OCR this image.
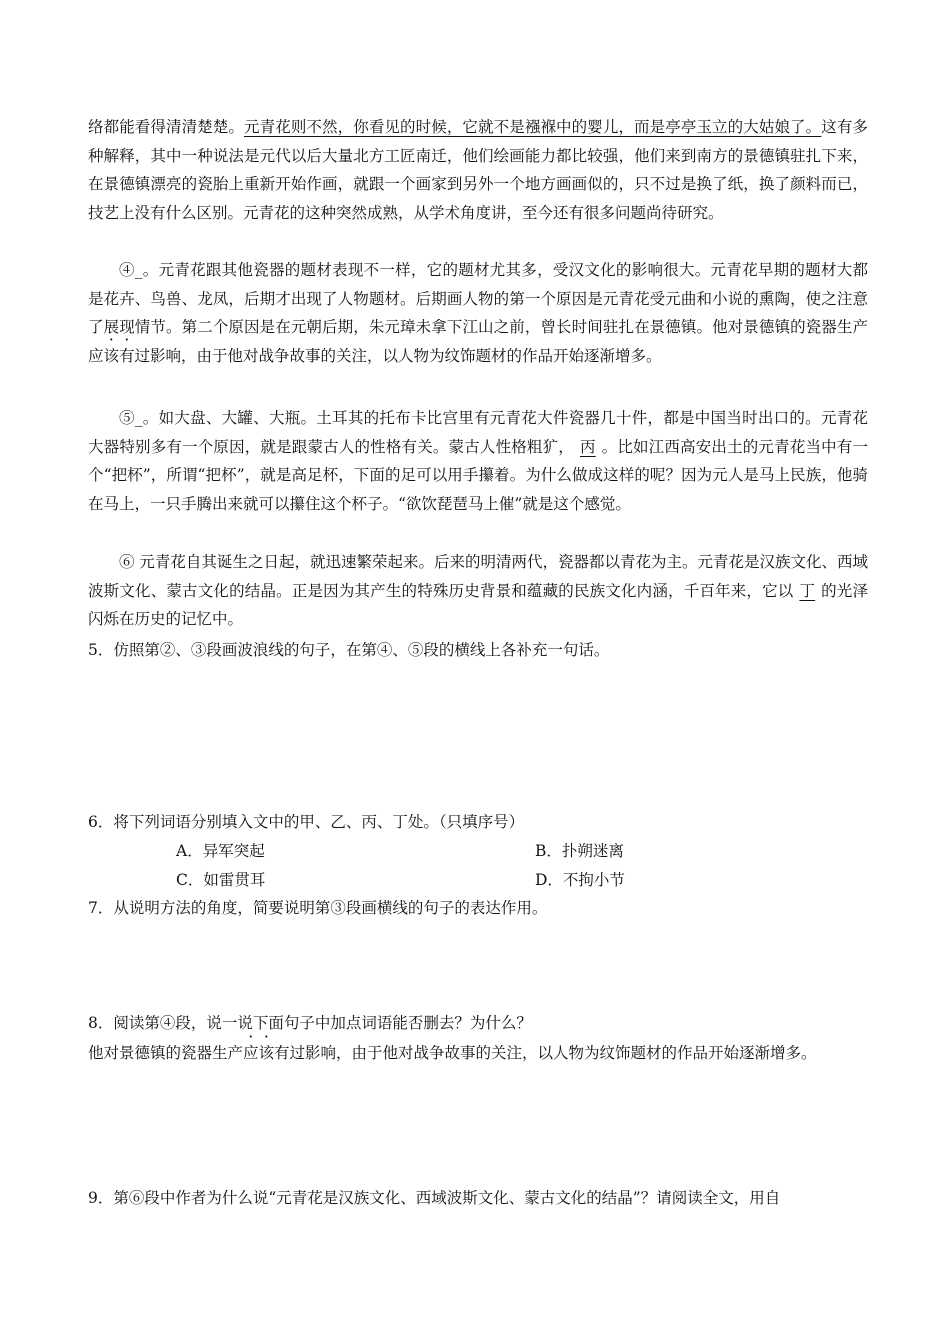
络都能看得清清楚楚。元青花则不然，你看见的时候，它就不是襁褓中的婴儿，而是亭亭玉立的大姑娘了。这有多种解释，其中一种说法是元代以后大量北方工匠南迁，他们绘画能力都比较强，他们来到南方的景德镇驻扎下来，在景德镇漂亮的瓷胎上重新开始作画，就跟一个画家到另外一个地方画画似的，只不过是换了纸，换了颜料而已，技艺上没有什么区别。元青花的这种突然成熟，从学术角度讲，至今还有很多问题尚待研究。

④_。元青花跟其他瓷器的题材表现不一样，它的题材尤其多，受汉文化的影响很大。元青花早期的题材大都是花卉、鸟兽、龙凤，后期才出现了人物题材。后期画人物的第一个原因是元青花受元曲和小说的熏陶，使之注意了展现情节。第二个原因是在元朝后期，朱元璋未拿下江山之前，曾长时间驻扎在景德镇。他对景德镇的瓷器生产应该有过影响，由于他对战争故事的关注，以人物为纹饰题材的作品开始逐渐增多。

⑤_。如大盘、大罐、大瓶。土耳其的托布卡比宫里有元青花大件瓷器几十件，都是中国当时出口的。元青花大器特别多有一个原因，就是跟蒙古人的性格有关。蒙古人性格粗犷， 丙 。比如江西高安出土的元青花当中有一个“把杯”，所谓“把杯”，就是高足杯，下面的足可以用手攥着。为什么做成这样的呢？因为元人是马上民族，他骑在马上，一只手腾出来就可以攥住这个杯子。“欲饮琵琶马上催”就是这个感觉。

⑥ 元青花自其诞生之日起，就迅速繁荣起来。后来的明清两代，瓷器都以青花为主。元青花是汉族文化、西域波斯文化、蒙古文化的结晶。正是因为其产生的特殊历史背景和蕴藏的民族文化内涵，千百年来，它以 丁 的光泽闪烁在历史的记忆中。

5．仿照第②、③段画波浪线的句子，在第④、⑤段的横线上各补充一句话。

6．将下列词语分别填入文中的甲、乙、丙、丁处。（只填序号）

A．异军突起	B．扑朔迷离
C．如雷贯耳	D．不拘小节

7．从说明方法的角度，简要说明第③段画横线的句子的表达作用。

8．阅读第④段，说一说下面句子中加点词语能否删去？为什么？

他对景德镇的瓷器生产应该有过影响，由于他对战争故事的关注，以人物为纹饰题材的作品开始逐渐增多。

9．第⑥段中作者为什么说“元青花是汉族文化、西域波斯文化、蒙古文化的结晶”？请阅读全文，用自
